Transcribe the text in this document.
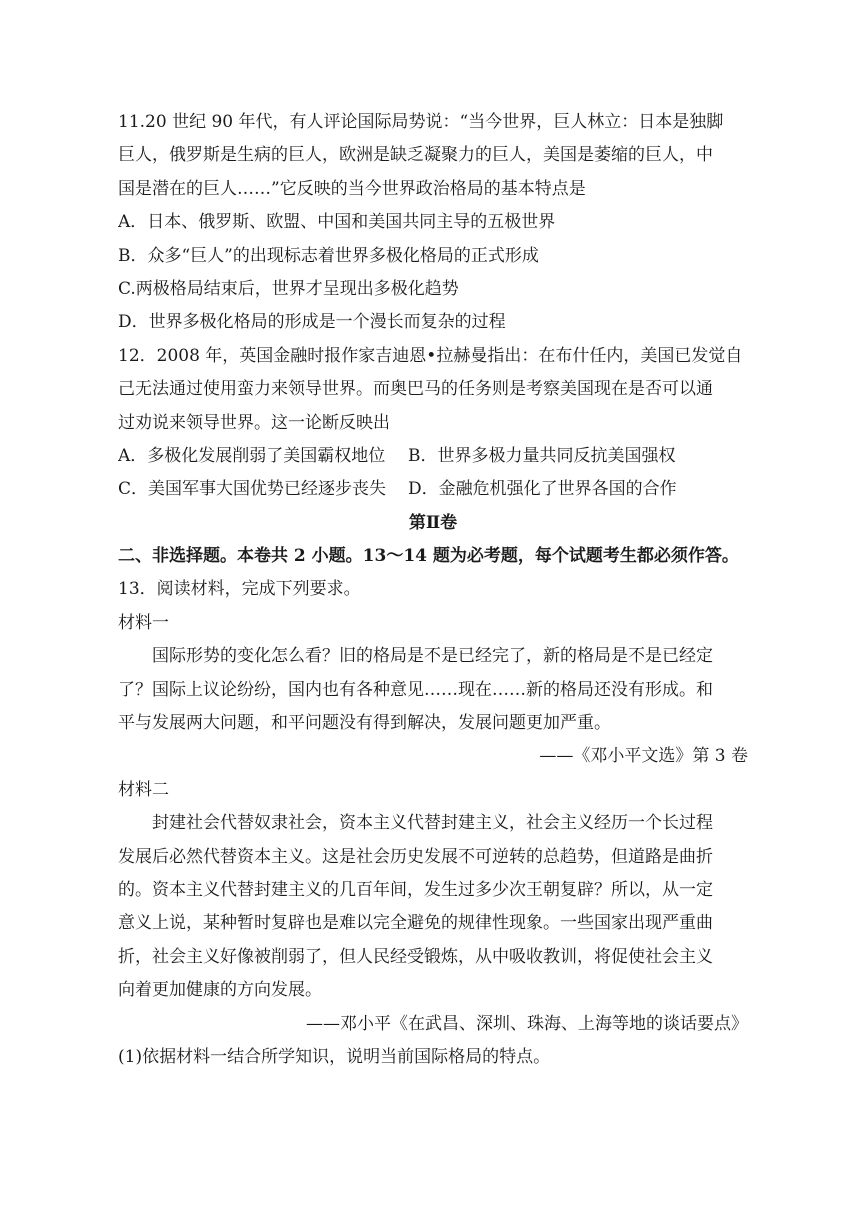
11.20 世纪 90 年代，有人评论国际局势说：“当今世界，巨人林立：日本是独脚
巨人，俄罗斯是生病的巨人，欧洲是缺乏凝聚力的巨人，美国是萎缩的巨人，中
国是潜在的巨人……”它反映的当今世界政治格局的基本特点是
A．日本、俄罗斯、欧盟、中国和美国共同主导的五极世界
B．众多“巨人”的出现标志着世界多极化格局的正式形成
C.两极格局结束后，世界才呈现出多极化趋势
D．世界多极化格局的形成是一个漫长而复杂的过程
12．2008 年，英国金融时报作家吉迪恩•拉赫曼指出：在布什任内，美国已发觉自
己无法通过使用蛮力来领导世界。而奥巴马的任务则是考察美国现在是否可以通
过劝说来领导世界。这一论断反映出
A．多极化发展削弱了美国霸权地位 B．世界多极力量共同反抗美国强权
C．美国军事大国优势已经逐步丧失 D．金融危机强化了世界各国的合作
第Ⅱ卷
二、非选择题。本卷共 2 小题。13～14 题为必考题，每个试题考生都必须作答。
13．阅读材料，完成下列要求。
材料一
国际形势的变化怎么看？旧的格局是不是已经完了，新的格局是不是已经定
了？国际上议论纷纷，国内也有各种意见……现在……新的格局还没有形成。和
平与发展两大问题，和平问题没有得到解决，发展问题更加严重。
——《邓小平文选》第 3 卷
材料二
封建社会代替奴隶社会，资本主义代替封建主义，社会主义经历一个长过程
发展后必然代替资本主义。这是社会历史发展不可逆转的总趋势，但道路是曲折
的。资本主义代替封建主义的几百年间，发生过多少次王朝复辟？所以，从一定
意义上说，某种暂时复辟也是难以完全避免的规律性现象。一些国家出现严重曲
折，社会主义好像被削弱了，但人民经受锻炼，从中吸收教训，将促使社会主义
向着更加健康的方向发展。
——邓小平《在武昌、深圳、珠海、上海等地的谈话要点》
(1)依据材料一结合所学知识，说明当前国际格局的特点。
